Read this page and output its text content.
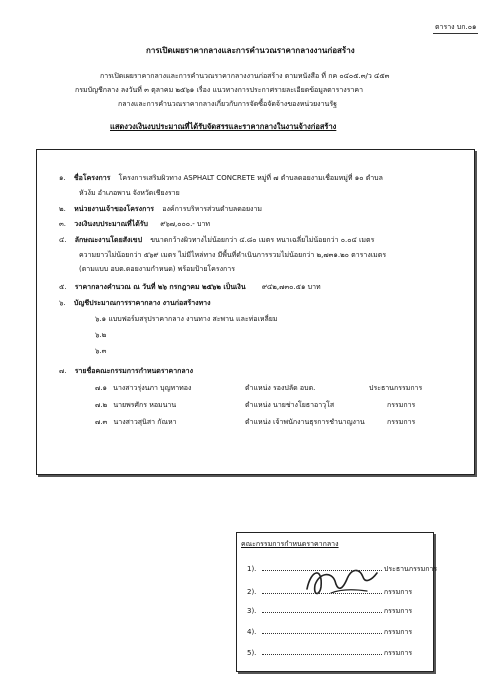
ตาราง บก.๐๑
การเปิดเผยราคากลางและการคำนวณราคากลางงานก่อสร้าง
การเปิดเผยราคากลางและการคำนวณราคากลางงานก่อสร้าง ตามหนังสือ ที่ กค ๐๔๐๕.๓/ว ๔๕๓
กรมบัญชีกลาง ลงวันที่ ๓ ตุลาคม ๒๕๖๑ เรื่อง แนวทางการประกาศรายละเอียดข้อมูลตารางราคา
กลางและการคำนวณราคากลางเกี่ยวกับการจัดซื้อจัดจ้างของหน่วยงานรัฐ
แสดงวงเงินงบประมาณที่ได้รับจัดสรรและราคากลางในงานจ้างก่อสร้าง
๑. ชื่อโครงการ โครงการเสริมผิวทาง ASPHALT CONCRETE หมู่ที่ ๗ ตำบลดอยงามเชื่อมหมู่ที่ ๑๐ ตำบล
หัวง้ม อำเภอพาน จังหวัดเชียงราย
๒. หน่วยงานเจ้าของโครงการ องค์การบริหารส่วนตำบลดอยงาม
๓. วงเงินงบประมาณที่ได้รับ ๙๖๗,๐๐๐.- บาท
๔. ลักษณะงานโดยสังเขป ขนาดกว้างผิวทางไม่น้อยกว่า ๔.๘๐ เมตร หนาเฉลี่ยไม่น้อยกว่า ๐.๐๔ เมตร
ความยาวไม่น้อยกว่า ๕๖๙ เมตร ไม่มีไหล่ทาง มีพื้นที่ดำเนินการรวมไม่น้อยกว่า ๒,๗๓๑.๒๐ ตารางเมตร
(ตามแบบ อบต.ดอยงามกำหนด) พร้อมป้ายโครงการ
๕. ราคากลางคำนวณ ณ วันที่ ๒๖ กรกฎาคม ๒๕๖๒ เป็นเงิน ๙๔๒,๗๓๐.๕๑ บาท
๖. บัญชีประมาณการราคากลาง งานก่อสร้างทาง
๖.๑ แบบฟอร์มสรุปราคากลาง งานทาง สะพาน และท่อเหลี่ยม
๖.๒
๖.๓
๗. รายชื่อคณะกรรมการกำหนดราคากลาง
๗.๑ นางสาวรุ่งนภา บุญทาทอง	ตำแหน่ง รองปลัด อบต.	ประธานกรรมการ
๗.๒ นายพรศักร หอมนาน	ตำแหน่ง นายช่างโยธาอาวุโส	กรรมการ
๗.๓ นางสาวสุนิสา กัณหา	ตำแหน่ง เจ้าพนักงานธุรการชำนาญงาน	กรรมการ
คณะกรรมการกำหนดราคากลาง
1).	ประธานกรรมการ
2).	กรรมการ
3).	กรรมการ
4).	กรรมการ
5).	กรรมการ
